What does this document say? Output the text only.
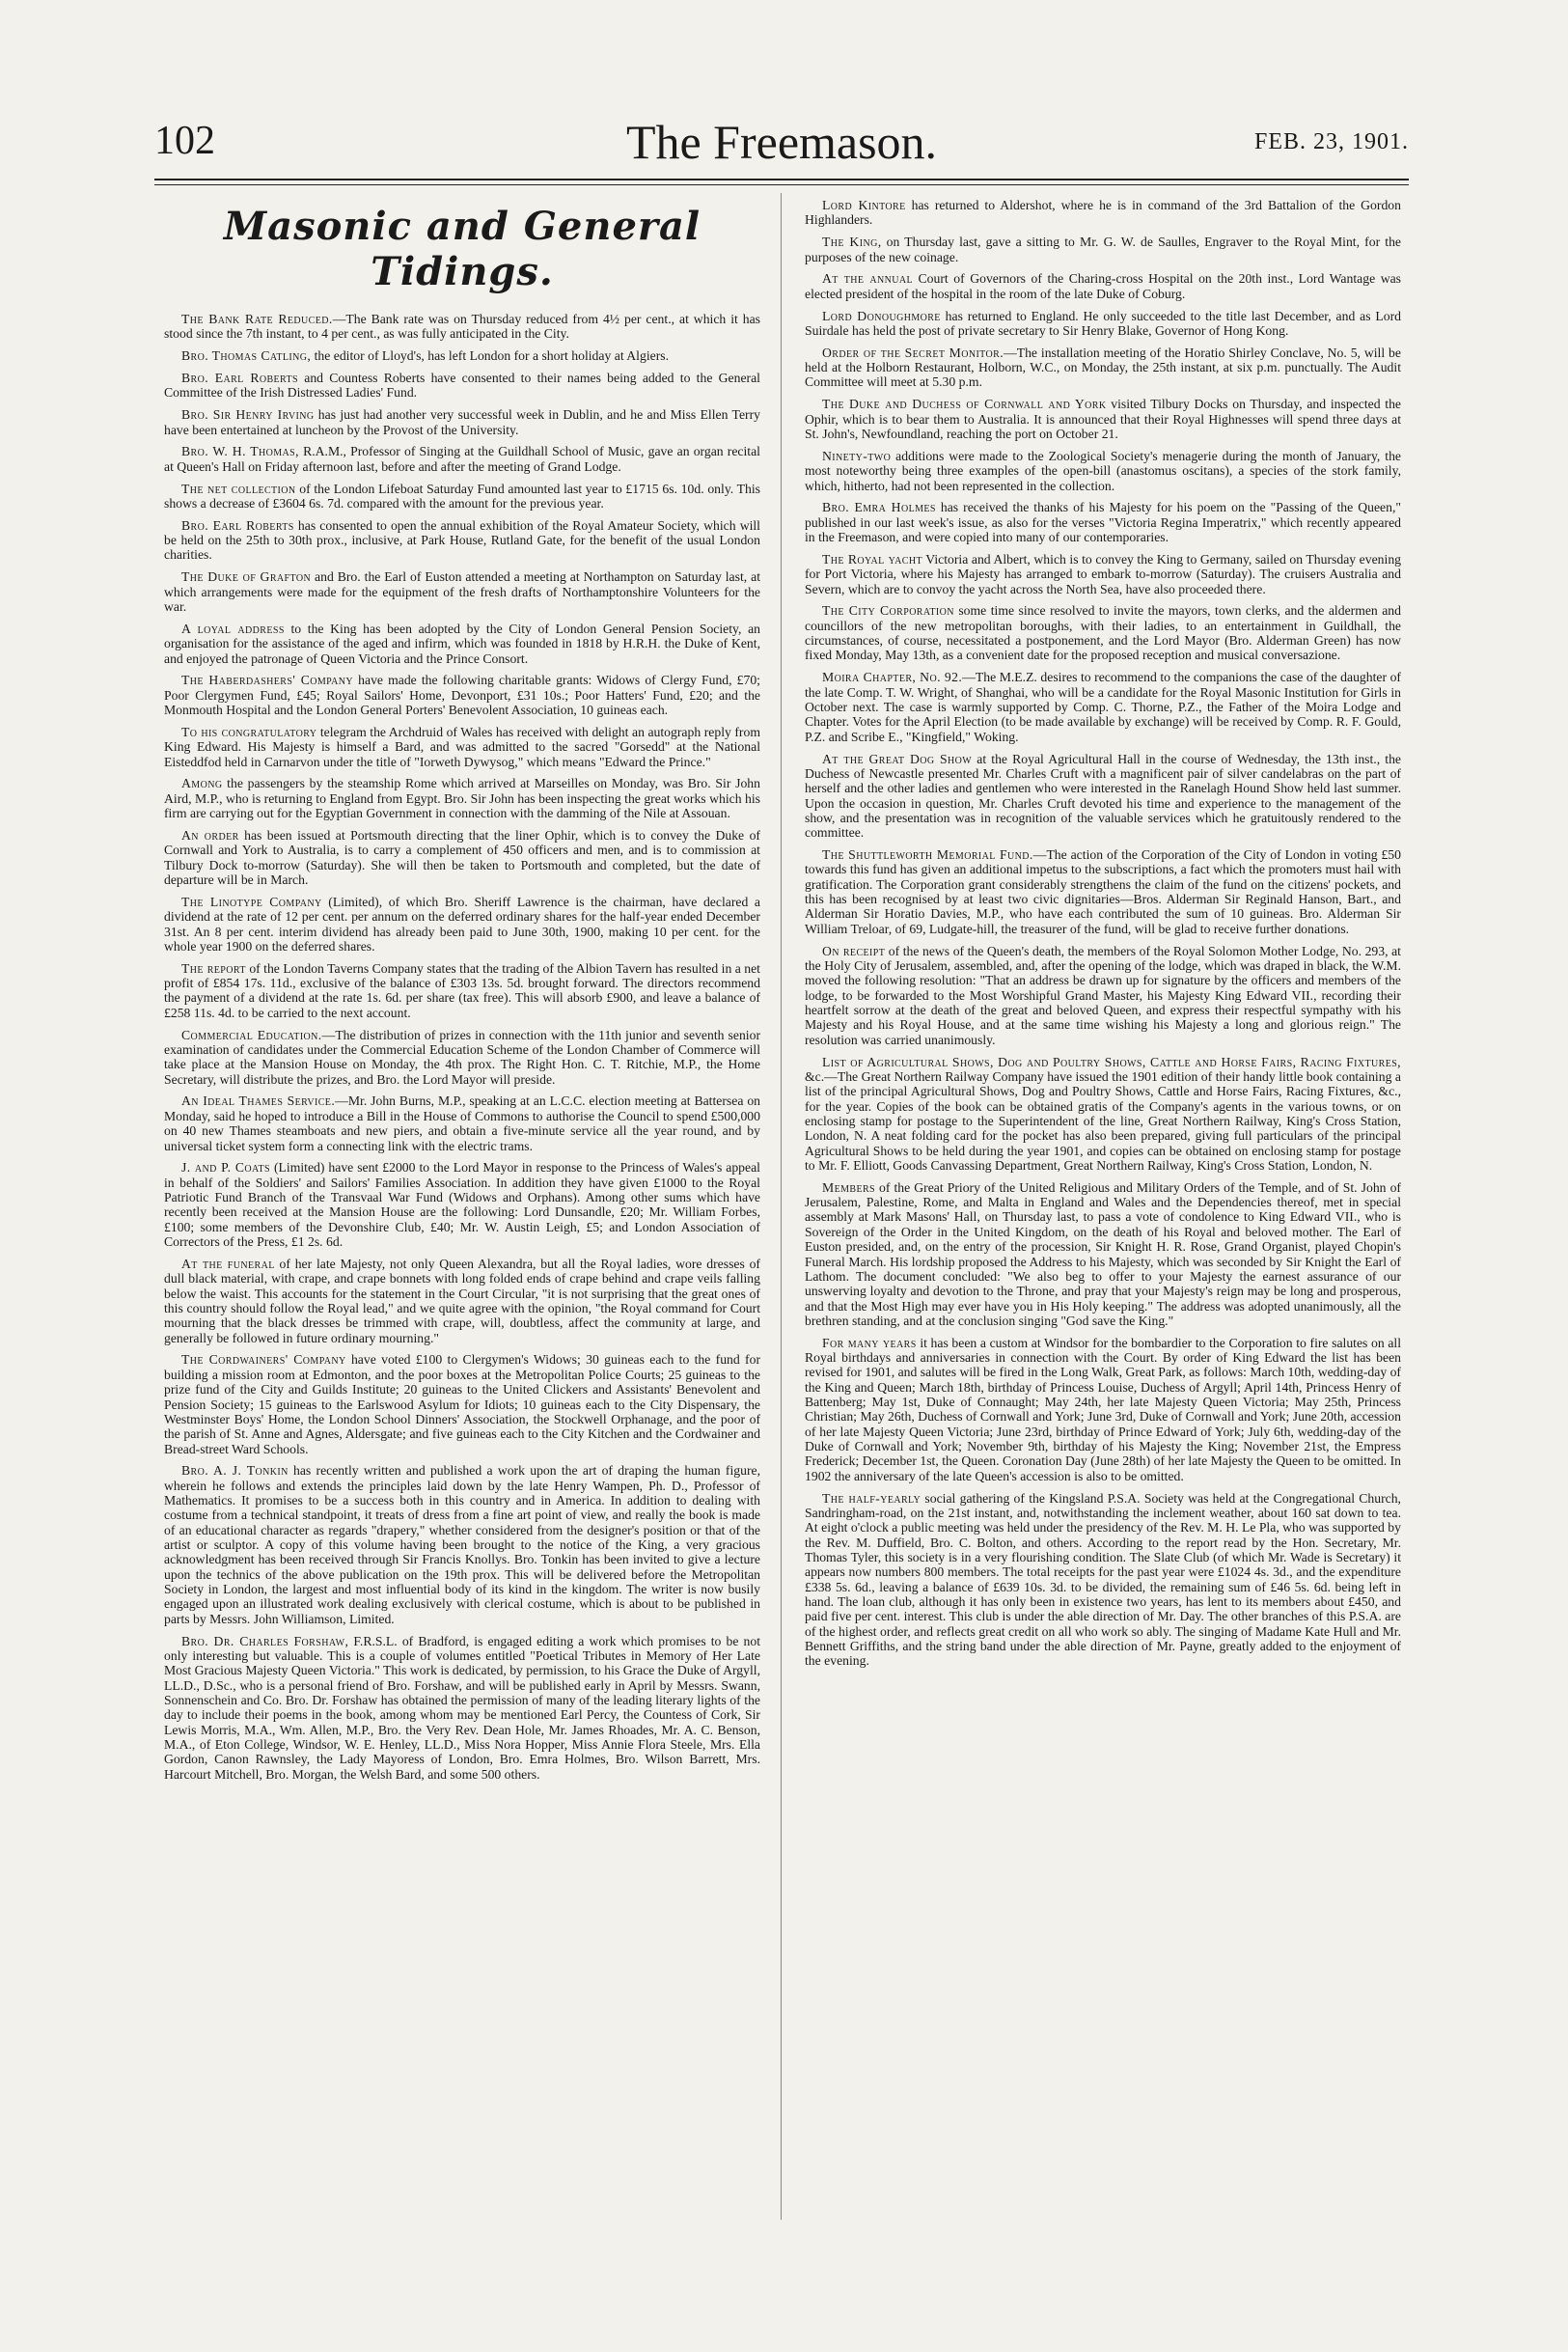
102	The Freemason.	FEB. 23, 1901.
Masonic and General Tidings.

The Bank Rate Reduced.—The Bank rate was on Thursday reduced from 4½ per cent., at which it has stood since the 7th instant, to 4 per cent., as was fully anticipated in the City.

Bro. Thomas Catling, the editor of Lloyd's, has left London for a short holiday at Algiers.

Bro. Earl Roberts and Countess Roberts have consented to their names being added to the General Committee of the Irish Distressed Ladies' Fund.

Bro. Sir Henry Irving has just had another very successful week in Dublin, and he and Miss Ellen Terry have been entertained at luncheon by the Provost of the University.

Bro. W. H. Thomas, R.A.M., Professor of Singing at the Guildhall School of Music, gave an organ recital at Queen's Hall on Friday afternoon last, before and after the meeting of Grand Lodge.

The net collection of the London Lifeboat Saturday Fund amounted last year to £1715 6s. 10d. only. This shows a decrease of £3604 6s. 7d. compared with the amount for the previous year.

Bro. Earl Roberts has consented to open the annual exhibition of the Royal Amateur Society, which will be held on the 25th to 30th prox., inclusive, at Park House, Rutland Gate, for the benefit of the usual London charities.

The Duke of Grafton and Bro. the Earl of Euston attended a meeting at Northampton on Saturday last, at which arrangements were made for the equipment of the fresh drafts of Northamptonshire Volunteers for the war.

A loyal address to the King has been adopted by the City of London General Pension Society, an organisation for the assistance of the aged and infirm, which was founded in 1818 by H.R.H. the Duke of Kent, and enjoyed the patronage of Queen Victoria and the Prince Consort.

The Haberdashers' Company have made the following charitable grants: Widows of Clergy Fund, £70; Poor Clergymen Fund, £45; Royal Sailors' Home, Devonport, £31 10s.; Poor Hatters' Fund, £20; and the Monmouth Hospital and the London General Porters' Benevolent Association, 10 guineas each.

To his congratulatory telegram the Archdruid of Wales has received with delight an autograph reply from King Edward. His Majesty is himself a Bard, and was admitted to the sacred "Gorsedd" at the National Eisteddfod held in Carnarvon under the title of "Iorweth Dywysog," which means "Edward the Prince."

Among the passengers by the steamship Rome which arrived at Marseilles on Monday, was Bro. Sir John Aird, M.P., who is returning to England from Egypt. Bro. Sir John has been inspecting the great works which his firm are carrying out for the Egyptian Government in connection with the damming of the Nile at Assouan.

An order has been issued at Portsmouth directing that the liner Ophir, which is to convey the Duke of Cornwall and York to Australia, is to carry a complement of 450 officers and men, and is to commission at Tilbury Dock to-morrow (Saturday). She will then be taken to Portsmouth and completed, but the date of departure will be in March.

The Linotype Company (Limited), of which Bro. Sheriff Lawrence is the chairman, have declared a dividend at the rate of 12 per cent. per annum on the deferred ordinary shares for the half-year ended December 31st. An 8 per cent. interim dividend has already been paid to June 30th, 1900, making 10 per cent. for the whole year 1900 on the deferred shares.

The report of the London Taverns Company states that the trading of the Albion Tavern has resulted in a net profit of £854 17s. 11d., exclusive of the balance of £303 13s. 5d. brought forward. The directors recommend the payment of a dividend at the rate 1s. 6d. per share (tax free). This will absorb £900, and leave a balance of £258 11s. 4d. to be carried to the next account.

Commercial Education.—The distribution of prizes in connection with the 11th junior and seventh senior examination of candidates under the Commercial Education Scheme of the London Chamber of Commerce will take place at the Mansion House on Monday, the 4th prox. The Right Hon. C. T. Ritchie, M.P., the Home Secretary, will distribute the prizes, and Bro. the Lord Mayor will preside.

An Ideal Thames Service.—Mr. John Burns, M.P., speaking at an L.C.C. election meeting at Battersea on Monday, said he hoped to introduce a Bill in the House of Commons to authorise the Council to spend £500,000 on 40 new Thames steamboats and new piers, and obtain a five-minute service all the year round, and by universal ticket system form a connecting link with the electric trams.

J. and P. Coats (Limited) have sent £2000 to the Lord Mayor in response to the Princess of Wales's appeal in behalf of the Soldiers' and Sailors' Families Association. In addition they have given £1000 to the Royal Patriotic Fund Branch of the Transvaal War Fund (Widows and Orphans). Among other sums which have recently been received at the Mansion House are the following: Lord Dunsandle, £20; Mr. William Forbes, £100; some members of the Devonshire Club, £40; Mr. W. Austin Leigh, £5; and London Association of Correctors of the Press, £1 2s. 6d.

At the funeral of her late Majesty, not only Queen Alexandra, but all the Royal ladies, wore dresses of dull black material, with crape, and crape bonnets with long folded ends of crape behind and crape veils falling below the waist. This accounts for the statement in the Court Circular, "it is not surprising that the great ones of this country should follow the Royal lead," and we quite agree with the opinion, "the Royal command for Court mourning that the black dresses be trimmed with crape, will, doubtless, affect the community at large, and generally be followed in future ordinary mourning."

The Cordwainers' Company have voted £100 to Clergymen's Widows; 30 guineas each to the fund for building a mission room at Edmonton, and the poor boxes at the Metropolitan Police Courts; 25 guineas to the prize fund of the City and Guilds Institute; 20 guineas to the United Clickers and Assistants' Benevolent and Pension Society; 15 guineas to the Earlswood Asylum for Idiots; 10 guineas each to the City Dispensary, the Westminster Boys' Home, the London School Dinners' Association, the Stockwell Orphanage, and the poor of the parish of St. Anne and Agnes, Aldersgate; and five guineas each to the City Kitchen and the Cordwainer and Bread-street Ward Schools.

Bro. A. J. Tonkin has recently written and published a work upon the art of draping the human figure, wherein he follows and extends the principles laid down by the late Henry Wampen, Ph. D., Professor of Mathematics. It promises to be a success both in this country and in America. In addition to dealing with costume from a technical standpoint, it treats of dress from a fine art point of view, and really the book is made of an educational character as regards "drapery," whether considered from the designer's position or that of the artist or sculptor. A copy of this volume having been brought to the notice of the King, a very gracious acknowledgment has been received through Sir Francis Knollys. Bro. Tonkin has been invited to give a lecture upon the technics of the above publication on the 19th prox. This will be delivered before the Metropolitan Society in London, the largest and most influential body of its kind in the kingdom. The writer is now busily engaged upon an illustrated work dealing exclusively with clerical costume, which is about to be published in parts by Messrs. John Williamson, Limited.

Bro. Dr. Charles Forshaw, F.R.S.L. of Bradford, is engaged editing a work which promises to be not only interesting but valuable. This is a couple of volumes entitled "Poetical Tributes in Memory of Her Late Most Gracious Majesty Queen Victoria." This work is dedicated, by permission, to his Grace the Duke of Argyll, LL.D., D.Sc., who is a personal friend of Bro. Forshaw, and will be published early in April by Messrs. Swann, Sonnenschein and Co. Bro. Dr. Forshaw has obtained the permission of many of the leading literary lights of the day to include their poems in the book, among whom may be mentioned Earl Percy, the Countess of Cork, Sir Lewis Morris, M.A., Wm. Allen, M.P., Bro. the Very Rev. Dean Hole, Mr. James Rhoades, Mr. A. C. Benson, M.A., of Eton College, Windsor, W. E. Henley, LL.D., Miss Nora Hopper, Miss Annie Flora Steele, Mrs. Ella Gordon, Canon Rawnsley, the Lady Mayoress of London, Bro. Emra Holmes, Bro. Wilson Barrett, Mrs. Harcourt Mitchell, Bro. Morgan, the Welsh Bard, and some 500 others.

Lord Kintore has returned to Aldershot, where he is in command of the 3rd Battalion of the Gordon Highlanders.

The King, on Thursday last, gave a sitting to Mr. G. W. de Saulles, Engraver to the Royal Mint, for the purposes of the new coinage.

At the annual Court of Governors of the Charing-cross Hospital on the 20th inst., Lord Wantage was elected president of the hospital in the room of the late Duke of Coburg.

Lord Donoughmore has returned to England. He only succeeded to the title last December, and as Lord Suirdale has held the post of private secretary to Sir Henry Blake, Governor of Hong Kong.

Order of the Secret Monitor.—The installation meeting of the Horatio Shirley Conclave, No. 5, will be held at the Holborn Restaurant, Holborn, W.C., on Monday, the 25th instant, at six p.m. punctually. The Audit Committee will meet at 5.30 p.m.

The Duke and Duchess of Cornwall and York visited Tilbury Docks on Thursday, and inspected the Ophir, which is to bear them to Australia. It is announced that their Royal Highnesses will spend three days at St. John's, Newfoundland, reaching the port on October 21.

Ninety-two additions were made to the Zoological Society's menagerie during the month of January, the most noteworthy being three examples of the open-bill (anastomus oscitans), a species of the stork family, which, hitherto, had not been represented in the collection.

Bro. Emra Holmes has received the thanks of his Majesty for his poem on the "Passing of the Queen," published in our last week's issue, as also for the verses "Victoria Regina Imperatrix," which recently appeared in the Freemason, and were copied into many of our contemporaries.

The Royal yacht Victoria and Albert, which is to convey the King to Germany, sailed on Thursday evening for Port Victoria, where his Majesty has arranged to embark to-morrow (Saturday). The cruisers Australia and Severn, which are to convoy the yacht across the North Sea, have also proceeded there.

The City Corporation some time since resolved to invite the mayors, town clerks, and the aldermen and councillors of the new metropolitan boroughs, with their ladies, to an entertainment in Guildhall, the circumstances, of course, necessitated a postponement, and the Lord Mayor (Bro. Alderman Green) has now fixed Monday, May 13th, as a convenient date for the proposed reception and musical conversazione.

Moira Chapter, No. 92.—The M.E.Z. desires to recommend to the companions the case of the daughter of the late Comp. T. W. Wright, of Shanghai, who will be a candidate for the Royal Masonic Institution for Girls in October next. The case is warmly supported by Comp. C. Thorne, P.Z., the Father of the Moira Lodge and Chapter. Votes for the April Election (to be made available by exchange) will be received by Comp. R. F. Gould, P.Z. and Scribe E., "Kingfield," Woking.

At the Great Dog Show at the Royal Agricultural Hall in the course of Wednesday, the 13th inst., the Duchess of Newcastle presented Mr. Charles Cruft with a magnificent pair of silver candelabras on the part of herself and the other ladies and gentlemen who were interested in the Ranelagh Hound Show held last summer. Upon the occasion in question, Mr. Charles Cruft devoted his time and experience to the management of the show, and the presentation was in recognition of the valuable services which he gratuitously rendered to the committee.

The Shuttleworth Memorial Fund.—The action of the Corporation of the City of London in voting £50 towards this fund has given an additional impetus to the subscriptions, a fact which the promoters must hail with gratification. The Corporation grant considerably strengthens the claim of the fund on the citizens' pockets, and this has been recognised by at least two civic dignitaries—Bros. Alderman Sir Reginald Hanson, Bart., and Alderman Sir Horatio Davies, M.P., who have each contributed the sum of 10 guineas. Bro. Alderman Sir William Treloar, of 69, Ludgate-hill, the treasurer of the fund, will be glad to receive further donations.

On receipt of the news of the Queen's death, the members of the Royal Solomon Mother Lodge, No. 293, at the Holy City of Jerusalem, assembled, and, after the opening of the lodge, which was draped in black, the W.M. moved the following resolution: "That an address be drawn up for signature by the officers and members of the lodge, to be forwarded to the Most Worshipful Grand Master, his Majesty King Edward VII., recording their heartfelt sorrow at the death of the great and beloved Queen, and express their respectful sympathy with his Majesty and his Royal House, and at the same time wishing his Majesty a long and glorious reign." The resolution was carried unanimously.

List of Agricultural Shows, Dog and Poultry Shows, Cattle and Horse Fairs, Racing Fixtures, &c.—The Great Northern Railway Company have issued the 1901 edition of their handy little book containing a list of the principal Agricultural Shows, Dog and Poultry Shows, Cattle and Horse Fairs, Racing Fixtures, &c., for the year. Copies of the book can be obtained gratis of the Company's agents in the various towns, or on enclosing stamp for postage to the Superintendent of the line, Great Northern Railway, King's Cross Station, London, N. A neat folding card for the pocket has also been prepared, giving full particulars of the principal Agricultural Shows to be held during the year 1901, and copies can be obtained on enclosing stamp for postage to Mr. F. Elliott, Goods Canvassing Department, Great Northern Railway, King's Cross Station, London, N.

Members of the Great Priory of the United Religious and Military Orders of the Temple, and of St. John of Jerusalem, Palestine, Rome, and Malta in England and Wales and the Dependencies thereof, met in special assembly at Mark Masons' Hall, on Thursday last, to pass a vote of condolence to King Edward VII., who is Sovereign of the Order in the United Kingdom, on the death of his Royal and beloved mother. The Earl of Euston presided, and, on the entry of the procession, Sir Knight H. R. Rose, Grand Organist, played Chopin's Funeral March. His lordship proposed the Address to his Majesty, which was seconded by Sir Knight the Earl of Lathom. The document concluded: "We also beg to offer to your Majesty the earnest assurance of our unswerving loyalty and devotion to the Throne, and pray that your Majesty's reign may be long and prosperous, and that the Most High may ever have you in His Holy keeping." The address was adopted unanimously, all the brethren standing, and at the conclusion singing "God save the King."

For many years it has been a custom at Windsor for the bombardier to the Corporation to fire salutes on all Royal birthdays and anniversaries in connection with the Court. By order of King Edward the list has been revised for 1901, and salutes will be fired in the Long Walk, Great Park, as follows: March 10th, wedding-day of the King and Queen; March 18th, birthday of Princess Louise, Duchess of Argyll; April 14th, Princess Henry of Battenberg; May 1st, Duke of Connaught; May 24th, her late Majesty Queen Victoria; May 25th, Princess Christian; May 26th, Duchess of Cornwall and York; June 3rd, Duke of Cornwall and York; June 20th, accession of her late Majesty Queen Victoria; June 23rd, birthday of Prince Edward of York; July 6th, wedding-day of the Duke of Cornwall and York; November 9th, birthday of his Majesty the King; November 21st, the Empress Frederick; December 1st, the Queen. Coronation Day (June 28th) of her late Majesty the Queen to be omitted. In 1902 the anniversary of the late Queen's accession is also to be omitted.

The half-yearly social gathering of the Kingsland P.S.A. Society was held at the Congregational Church, Sandringham-road, on the 21st instant, and, notwithstanding the inclement weather, about 160 sat down to tea. At eight o'clock a public meeting was held under the presidency of the Rev. M. H. Le Pla, who was supported by the Rev. M. Duffield, Bro. C. Bolton, and others. According to the report read by the Hon. Secretary, Mr. Thomas Tyler, this society is in a very flourishing condition. The Slate Club (of which Mr. Wade is Secretary) it appears now numbers 800 members. The total receipts for the past year were £1024 4s. 3d., and the expenditure £338 5s. 6d., leaving a balance of £639 10s. 3d. to be divided, the remaining sum of £46 5s. 6d. being left in hand. The loan club, although it has only been in existence two years, has lent to its members about £450, and paid five per cent. interest. This club is under the able direction of Mr. Day. The other branches of this P.S.A. are of the highest order, and reflects great credit on all who work so ably. The singing of Madame Kate Hull and Mr. Bennett Griffiths, and the string band under the able direction of Mr. Payne, greatly added to the enjoyment of the evening.
